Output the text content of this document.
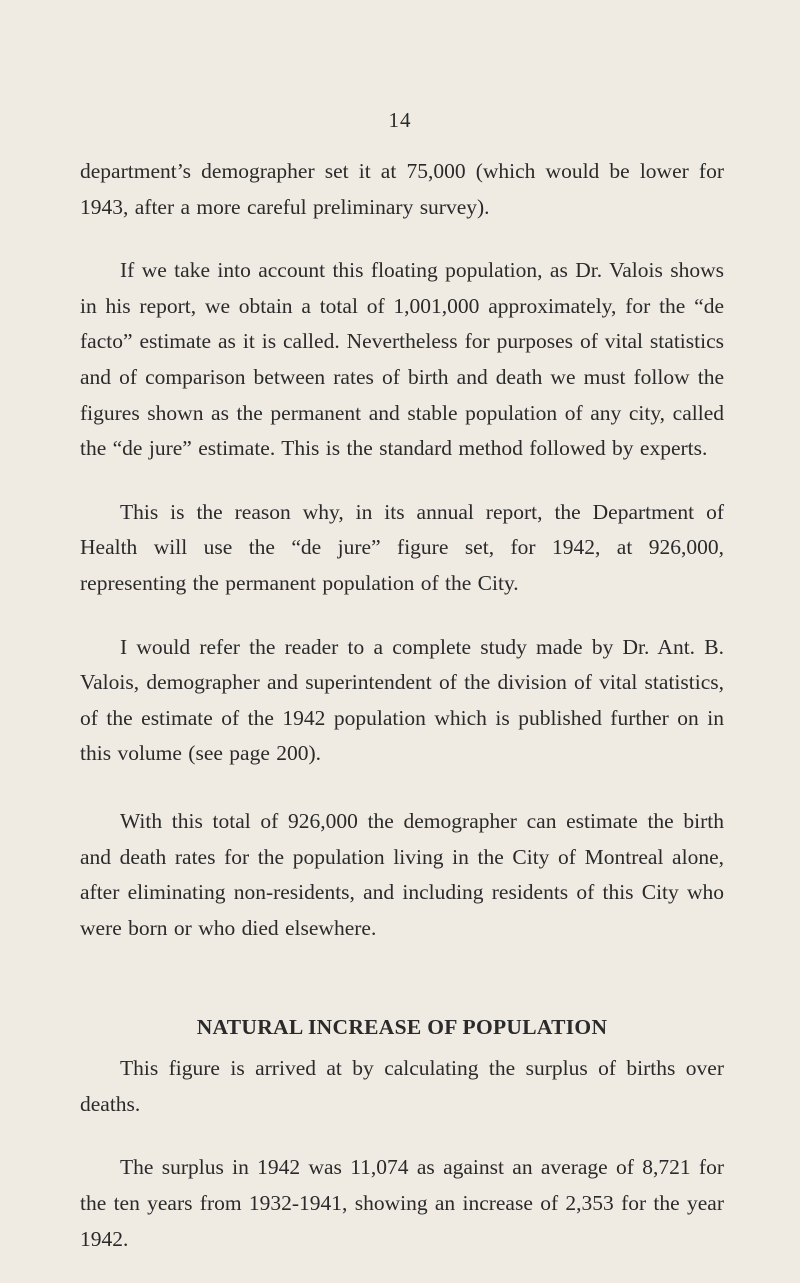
14

department’s demographer set it at 75,000 (which would be lower for 1943, after a more careful preliminary survey).

If we take into account this floating population, as Dr. Valois shows in his report, we obtain a total of 1,001,000 approximately, for the “de facto” estimate as it is called. Nevertheless for purposes of vital statistics and of comparison between rates of birth and death we must follow the figures shown as the permanent and stable population of any city, called the “de jure” estimate. This is the standard method followed by experts.

This is the reason why, in its annual report, the Department of Health will use the “de jure” figure set, for 1942, at 926,000, representing the permanent population of the City.

I would refer the reader to a complete study made by Dr. Ant. B. Valois, demographer and superintendent of the division of vital statistics, of the estimate of the 1942 population which is published further on in this volume (see page 200).

With this total of 926,000 the demographer can estimate the birth and death rates for the population living in the City of Montreal alone, after eliminating non-residents, and including residents of this City who were born or who died elsewhere.

NATURAL INCREASE OF POPULATION

This figure is arrived at by calculating the surplus of births over deaths.

The surplus in 1942 was 11,074 as against an average of 8,721 for the ten years from 1932-1941, showing an increase of 2,353 for the year 1942.
